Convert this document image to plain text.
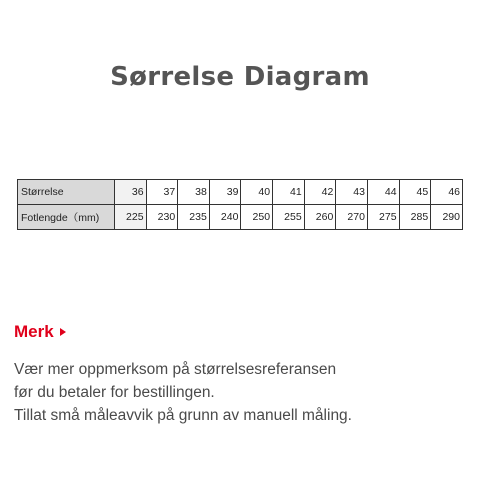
Sørrelse Diagram
Størrelse	36	37	38	39	40	41	42	43	44	45	46
Fotlengde（mm)	225	230	235	240	250	255	260	270	275	285	290
Merk
Vær mer oppmerksom på størrelsesreferansen
før du betaler for bestillingen.
Tillat små måleavvik på grunn av manuell måling.
